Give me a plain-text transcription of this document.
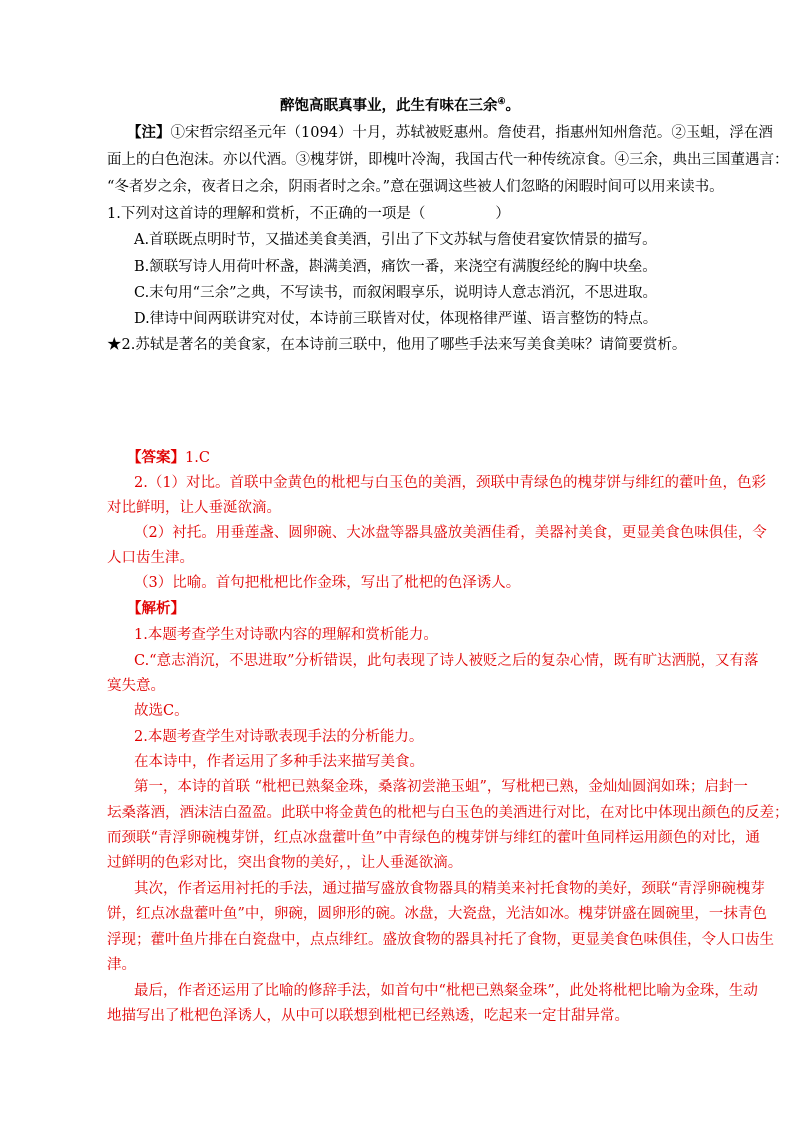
醉饱高眠真事业，此生有味在三余④。
【注】①宋哲宗绍圣元年（1094）十月，苏轼被贬惠州。詹使君，指惠州知州詹范。②玉蛆，浮在酒
面上的白色泡沫。亦以代酒。③槐芽饼，即槐叶冷淘，我国古代一种传统凉食。④三余，典出三国董遇言：
“冬者岁之余，夜者日之余，阴雨者时之余。”意在强调这些被人们忽略的闲暇时间可以用来读书。
1.下列对这首诗的理解和赏析，不正确的一项是（	）
A.首联既点明时节，又描述美食美酒，引出了下文苏轼与詹使君宴饮情景的描写。
B.颔联写诗人用荷叶杯盏，斟满美酒，痛饮一番，来浇空有满腹经纶的胸中块垒。
C.末句用“三余”之典，不写读书，而叙闲暇享乐，说明诗人意志消沉，不思进取。
D.律诗中间两联讲究对仗，本诗前三联皆对仗，体现格律严谨、语言整饬的特点。
★2.苏轼是著名的美食家，在本诗前三联中，他用了哪些手法来写美食美味？请简要赏析。
【答案】1.C
2.（1）对比。首联中金黄色的枇杷与白玉色的美酒，颈联中青绿色的槐芽饼与绯红的藿叶鱼，色彩
对比鲜明，让人垂涎欲滴。
（2）衬托。用垂莲盏、圆卵碗、大冰盘等器具盛放美酒佳肴，美器衬美食，更显美食色味俱佳，令
人口齿生津。
（3）比喻。首句把枇杷比作金珠，写出了枇杷的色泽诱人。
【解析】
1.本题考查学生对诗歌内容的理解和赏析能力。
C.“意志消沉，不思进取”分析错误，此句表现了诗人被贬之后的复杂心情，既有旷达洒脱，又有落
寞失意。
故选C。
2.本题考查学生对诗歌表现手法的分析能力。
在本诗中，作者运用了多种手法来描写美食。
第一，本诗的首联 “枇杷已熟粲金珠，桑落初尝滟玉蛆”，写枇杷已熟，金灿灿圆润如珠；启封一
坛桑落酒，酒沫洁白盈盈。此联中将金黄色的枇杷与白玉色的美酒进行对比，在对比中体现出颜色的反差；
而颈联“青浮卵碗槐芽饼，红点冰盘藿叶鱼”中青绿色的槐芽饼与绯红的藿叶鱼同样运用颜色的对比，通
过鲜明的色彩对比，突出食物的美好，，让人垂涎欲滴。
其次，作者运用衬托的手法，通过描写盛放食物器具的精美来衬托食物的美好，颈联“青浮卵碗槐芽
饼，红点冰盘藿叶鱼”中，卵碗，圆卵形的碗。冰盘，大瓷盘，光洁如冰。槐芽饼盛在圆碗里，一抹青色
浮现；藿叶鱼片排在白瓷盘中，点点绯红。盛放食物的器具衬托了食物，更显美食色味俱佳，令人口齿生
津。
最后，作者还运用了比喻的修辞手法，如首句中“枇杷已熟粲金珠”，此处将枇杷比喻为金珠，生动
地描写出了枇杷色泽诱人，从中可以联想到枇杷已经熟透，吃起来一定甘甜异常。
